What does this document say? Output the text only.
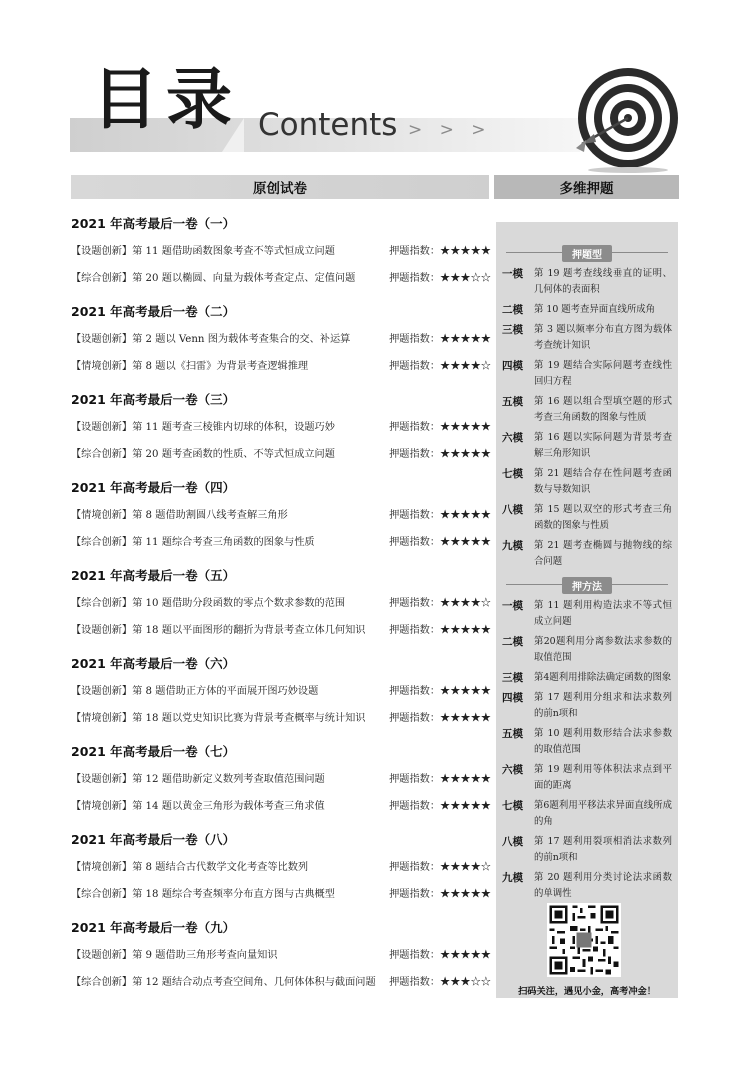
目录 Contents > > >
原创试卷	多维押题
2021 年高考最后一卷（一）
【设题创新】第 11 题借助函数图象考查不等式恒成立问题	押题指数：★★★★★
【综合创新】第 20 题以椭圆、向量为载体考查定点、定值问题	押题指数：★★★☆☆
2021 年高考最后一卷（二）
【设题创新】第 2 题以 Venn 图为载体考查集合的交、补运算	押题指数：★★★★★
【情境创新】第 8 题以《扫雷》为背景考查逻辑推理	押题指数：★★★★☆
2021 年高考最后一卷（三）
【设题创新】第 11 题考查三棱锥内切球的体积，设题巧妙	押题指数：★★★★★
【综合创新】第 20 题考查函数的性质、不等式恒成立问题	押题指数：★★★★★
2021 年高考最后一卷（四）
【情境创新】第 8 题借助割圆八线考查解三角形	押题指数：★★★★★
【综合创新】第 11 题综合考查三角函数的图象与性质	押题指数：★★★★★
2021 年高考最后一卷（五）
【综合创新】第 10 题借助分段函数的零点个数求参数的范围	押题指数：★★★★☆
【设题创新】第 18 题以平面图形的翻折为背景考查立体几何知识 押题指数：★★★★★
2021 年高考最后一卷（六）
【设题创新】第 8 题借助正方体的平面展开图巧妙设题	押题指数：★★★★★
【情境创新】第 18 题以党史知识比赛为背景考查概率与统计知识 押题指数：★★★★★
2021 年高考最后一卷（七）
【设题创新】第 12 题借助新定义数列考查取值范围问题	押题指数：★★★★★
【情境创新】第 14 题以黄金三角形为载体考查三角求值	押题指数：★★★★★
2021 年高考最后一卷（八）
【情境创新】第 8 题结合古代数学文化考查等比数列	押题指数：★★★★☆
【综合创新】第 18 题综合考查频率分布直方图与古典概型	押题指数：★★★★★
2021 年高考最后一卷（九）
【设题创新】第 9 题借助三角形考查向量知识	押题指数：★★★★★
【综合创新】第 12 题结合动点考查空间角、几何体体积与截面问题 押题指数：★★★☆☆
押题型
一模	第 19 题考查线线垂直的证明、几何体的表面积
二模	第 10 题考查异面直线所成角
三模	第 3 题以频率分布直方图为载体考查统计知识
四模	第 19 题结合实际问题考查线性回归方程
五模	第 16 题以组合型填空题的形式考查三角函数的图象与性质
六模	第 16 题以实际问题为背景考查解三角形知识
七模	第 21 题结合存在性问题考查函数与导数知识
八模	第 15 题以双空的形式考查三角函数的图象与性质
九模	第 21 题考查椭圆与抛物线的综合问题
押方法
一模	第 11 题利用构造法求不等式恒成立问题
二模	第20题利用分离参数法求参数的取值范围
三模	第4题利用排除法确定函数的图象
四模	第 17 题利用分组求和法求数列的前n项和
五模	第 10 题利用数形结合法求参数的取值范围
六模	第 19 题利用等体积法求点到平面的距离
七模	第6题利用平移法求异面直线所成的角
八模	第 17 题利用裂项相消法求数列的前n项和
九模	第 20 题利用分类讨论法求函数的单调性
扫码关注，遇见小金，高考冲金！
